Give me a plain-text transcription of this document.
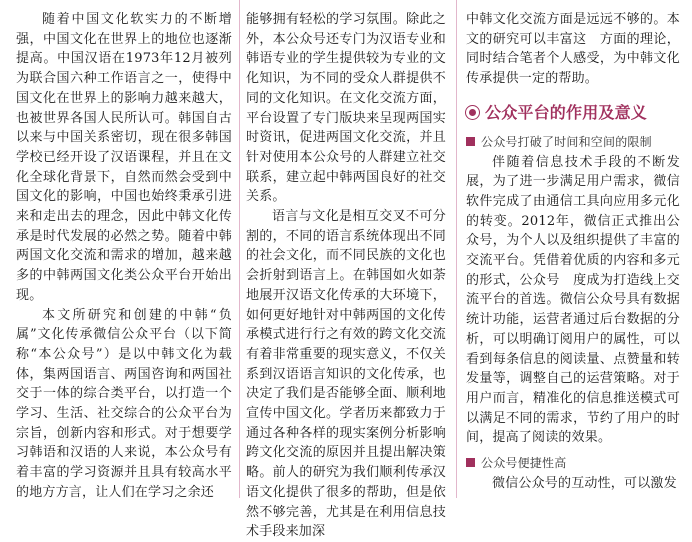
随着中国文化软实力的不断增强，中国文化在世界上的地位也逐渐提高。中国汉语在1973年12月被列为联合国六种工作语言之一，使得中国文化在世界上的影响力越来越大，也被世界各国人民所认可。韩国自古以来与中国关系密切，现在很多韩国学校已经开设了汉语课程，并且在文化全球化背景下，自然而然会受到中国文化的影响，中国也始终秉承引进来和走出去的理念，因此中韩文化传承是时代发展的必然之势。随着中韩两国文化交流和需求的增加，越来越多的中韩两国文化类公众平台开始出现。

本文所研究和创建的中韩“负属”文化传承微信公众平台（以下简称“本公众号”）是以中韩文化为载体，集两国语言、两国咨询和两国社交于一体的综合类平台，以打造一个学习、生活、社交综合的公众平台为宗旨，创新内容和形式。对于想要学习韩语和汉语的人来说，本公众号有着丰富的学习资源并且具有较高水平的地方方言，让人们在学习之余还

能够拥有轻松的学习氛围。除此之外，本公众号还专门为汉语专业和韩语专业的学生提供较为专业的文化知识，为不同的受众人群提供不同的文化知识。在文化交流方面，平台设置了专门版块来呈现两国实时资讯，促进两国文化交流，并且针对使用本公众号的人群建立社交联系，建立起中韩两国良好的社交关系。

语言与文化是相互交叉不可分割的，不同的语言系统体现出不同的社会文化，而不同民族的文化也会折射到语言上。在韩国如火如荼地展开汉语文化传承的大环境下，如何更好地针对中韩两国的文化传承模式进行行之有效的跨文化交流有着非常重要的现实意义，不仅关系到汉语语言知识的文化传承，也决定了我们是否能够全面、顺利地宣传中国文化。学者历来都致力于通过各种各样的现实案例分析影响跨文化交流的原因并且提出解决策略。前人的研究为我们顺利传承汉语文化提供了很多的帮助，但是依然不够完善，尤其是在利用信息技术手段来加深

中韩文化交流方面是远远不够的。本文的研究可以丰富这　方面的理论，同时结合笔者个人感受，为中韩文化传承提供一定的帮助。

公众平台的作用及意义
公众号打破了时间和空间的限制

伴随着信息技术手段的不断发展，为了进一步满足用户需求，微信软件完成了由通信工具向应用多元化的转变。2012年，微信正式推出公众号，为个人以及组织提供了丰富的交流平台。凭借着优质的内容和多元的形式，公众号　度成为打造线上交流平台的首选。微信公众号具有数据统计功能，运营者通过后台数据的分析，可以明确订阅用户的属性，可以看到每条信息的阅读量、点赞量和转发量等，调整自己的运营策略。对于用户而言，精准化的信息推送模式可以满足不同的需求，节约了用户的时间，提高了阅读的效果。

公众号便捷性高

微信公众号的互动性，可以激发
